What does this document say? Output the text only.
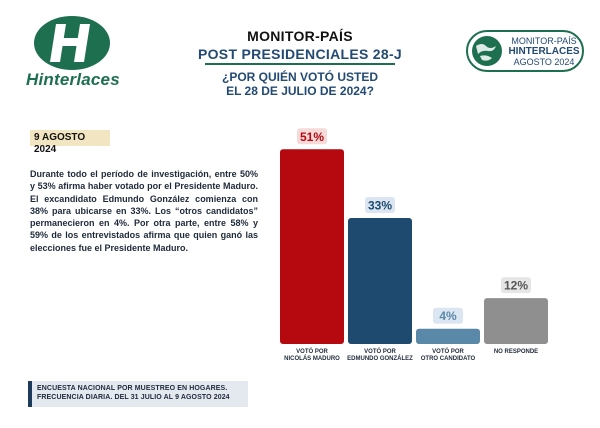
Hinterlaces
MONITOR-PAÍS
POST PRESIDENCIALES 28-J
¿POR QUIÉN VOTÓ USTED
EL 28 DE JULIO DE 2024?
MONITOR-PAÍS
HINTERLACES
AGOSTO 2024
9 AGOSTO 2024
Durante todo el período de investigación, entre 50% y 53% afirma haber votado por el Presidente Maduro. El excandidato Edmundo González comienza con 38% para ubicarse en 33%. Los “otros candidatos” permanecieron en 4%. Por otra parte, entre 58% y 59% de los entrevistados afirma que quien ganó las elecciones fue el Presidente Maduro.
ENCUESTA NACIONAL POR MUESTREO EN HOGARES.
FRECUENCIA DIARIA. DEL 31 JULIO AL 9 AGOSTO 2024
51%
VOTÓ POR
NICOLÁS MADURO
33%
VOTÓ POR
EDMUNDO GONZÁLEZ
4%
VOTÓ POR
OTRO CANDIDATO
12%
NO RESPONDE
